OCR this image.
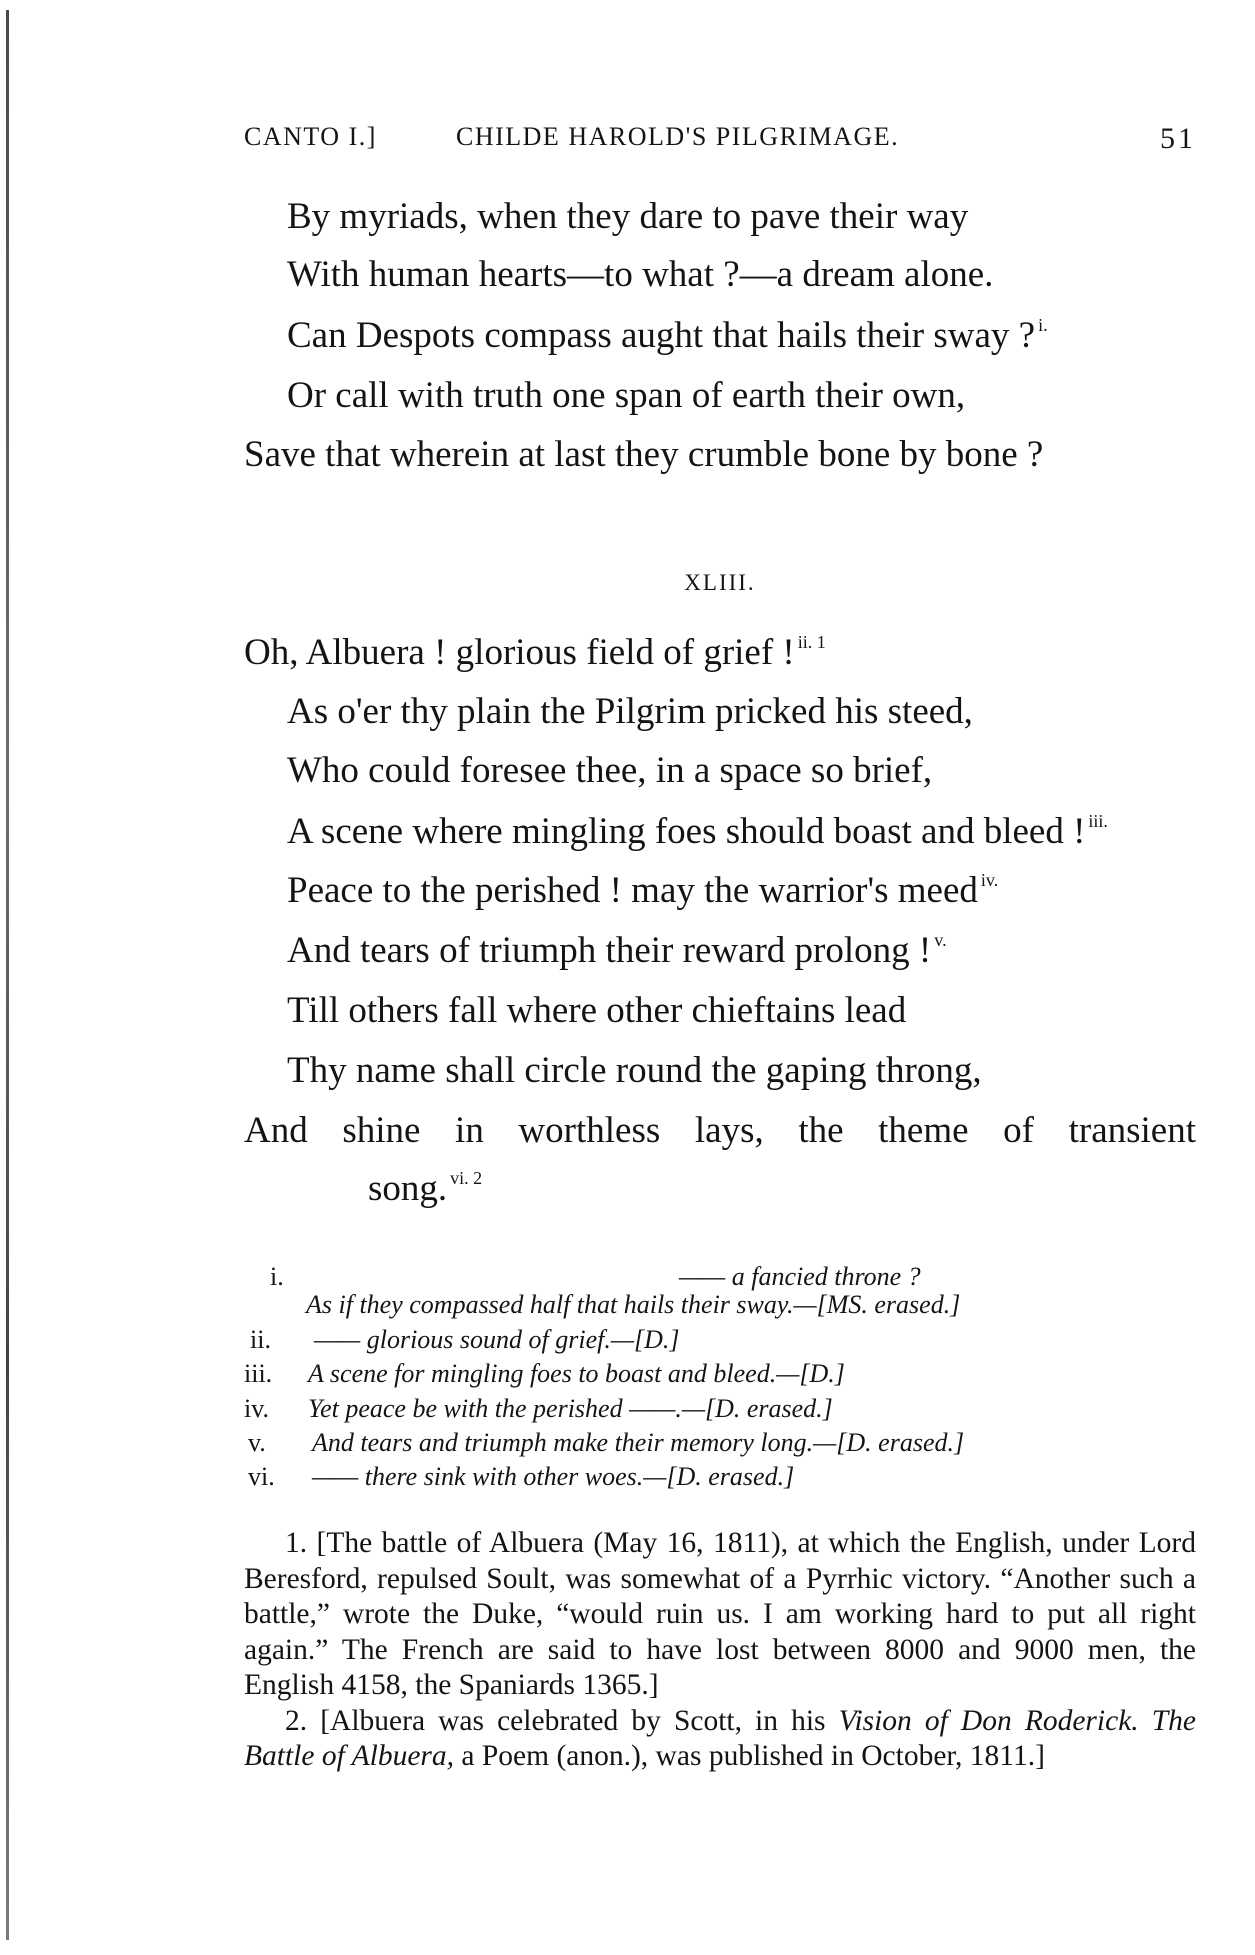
CANTO I.]	CHILDE HAROLD'S PILGRIMAGE.	51
By myriads, when they dare to pave their way
With human hearts—to what ?—a dream alone.
Can Despots compass aught that hails their sway ? $^{i.}$
Or call with truth one span of earth their own,
Save that wherein at last they crumble bone by bone ?
XLIII.
Oh, Albuera ! glorious field of grief ! $^{ii. 1}$
As o'er thy plain the Pilgrim pricked his steed,
Who could foresee thee, in a space so brief,
A scene where mingling foes should boast and bleed ! $^{iii.}$
Peace to the perished ! may the warrior's meed $^{iv.}$
And tears of triumph their reward prolong ! $^{v.}$
Till others fall where other chieftains lead
Thy name shall circle round the gaping throng,
And shine in worthless lays, the theme of transient
song. $^{vi. 2}$
i.	—— a fancied throne ?
As if they compassed half that hails their sway.—[MS. erased.]
ii. —— glorious sound of grief.—[D.]
iii. A scene for mingling foes to boast and bleed.—[D.]
iv. Yet peace be with the perished ——.—[D. erased.]
v. And tears and triumph make their memory long.—[D. erased.]
vi. —— there sink with other woes.—[D. erased.]

1. [The battle of Albuera (May 16, 1811), at which the English, under Lord Beresford, repulsed Soult, was somewhat of a Pyrrhic victory. “Another such a battle,” wrote the Duke, “would ruin us. I am working hard to put all right again.” The French are said to have lost between 8000 and 9000 men, the English 4158, the Spaniards 1365.]

2. [Albuera was celebrated by Scott, in his Vision of Don Roderick. The Battle of Albuera, a Poem (anon.), was published in October, 1811.]
